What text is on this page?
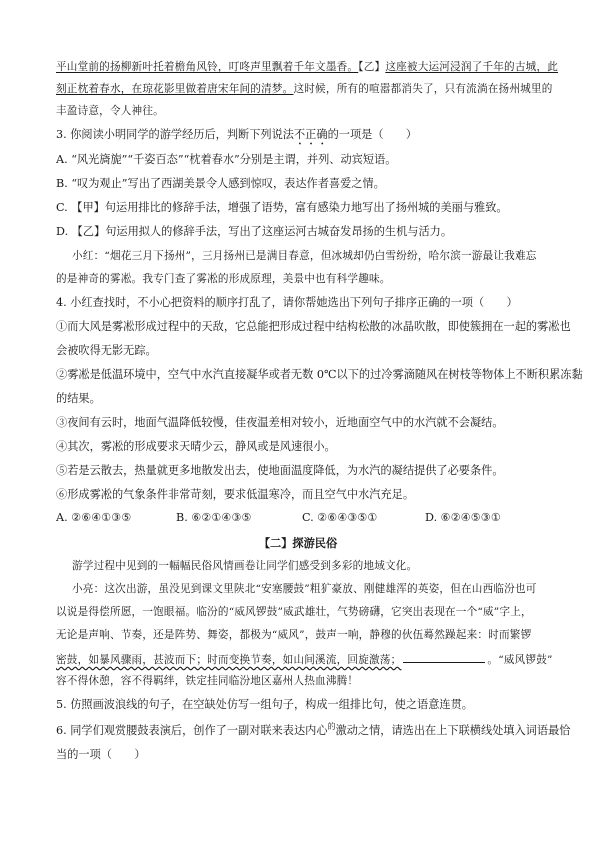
平山堂前的扬柳新叶托着檐角风铃，叮咚声里飘着千年文墨香。【乙】这座被大运河浸润了千年的古城，此
刻正枕着春水，在琼花影里做着唐宋年间的清梦。这时候，所有的喧嚣都消失了，只有流淌在扬州城里的
丰盈诗意，令人神往。
3. 你阅读小明同学的游学经历后，判断下列说法不正确的一项是（　　）
A. “风光旖旎”“千姿百态”“枕着春水”分别是主谓，并列、动宾短语。
B. “叹为观止”写出了西湖美景令人感到惊叹，表达作者喜爱之情。
C. 【甲】句运用排比的修辞手法，增强了语势，富有感染力地写出了扬州城的美丽与雅致。
D. 【乙】句运用拟人的修辞手法，写出了这座运河古城奋发昂扬的生机与活力。
小红：“烟花三月下扬州”，三月扬州已是满目春意，但冰城却仍白雪纷纷，哈尔滨一游最让我难忘
的是神奇的雾凇。我专门查了雾凇的形成原理，美景中也有科学趣味。
4. 小红查找时，不小心把资料的顺序打乱了，请你帮她选出下列句子排序正确的一项（　　）
①而大风是雾凇形成过程中的天敌，它总能把形成过程中结构松散的冰晶吹散，即使簇拥在一起的雾凇也
会被吹得无影无踪。
②雾凇是低温环境中，空气中水汽直接凝华或者无数 0℃以下的过冷雾滴随风在树枝等物体上不断积累冻黏
的结果。
③夜间有云时，地面气温降低较慢，佳夜温差相对较小，近地面空气中的水汽就不会凝结。
④其次，雾凇的形成要求天晴少云，静风或是风速很小。
⑤若是云散去，热量就更多地散发出去，使地面温度降低，为水汽的凝结提供了必要条件。
⑥形成雾凇的气象条件非常苛刻，要求低温寒冷，而且空气中水汽充足。
A. ②⑥④①③⑤	B. ⑥②①④③⑤	C. ②⑥④③⑤①	D. ⑥②④⑤③①
【二】探游民俗
游学过程中见到的一幅幅民俗风情画卷让同学们感受到多彩的地域文化。
小亮：这次出游，虽没见到课文里陕北“安塞腰鼓”粗犷豪放、刚健雄浑的英姿，但在山西临汾也可
以说是得偿所愿，一饱眼福。临汾的“威风锣鼓”威武雄壮，气势磅礴，它突出表现在一个“威”字上，
无论是声响、节奏，还是阵势、舞姿，都极为“威风”，鼓声一响，静穆的伙伍蓦然躁起来：时而繁锣
密鼓，如暴风骤雨，甚波而下；时而变换节奏，如山间溪流，回旋激荡；	。“威风锣鼓”
容不得休憩，容不得羁绊，铁定挂同临汾地区嘉州人热血沸腾！
5. 仿照画波浪线的句子，在空缺处仿写一组句子，构成一组排比句，使之语意连贯。
6. 同学们观赏腰鼓表演后，创作了一副对联来表达内心$^的$激动之情，请选出在上下联横线处填入词语最恰
当的一项（　　）
